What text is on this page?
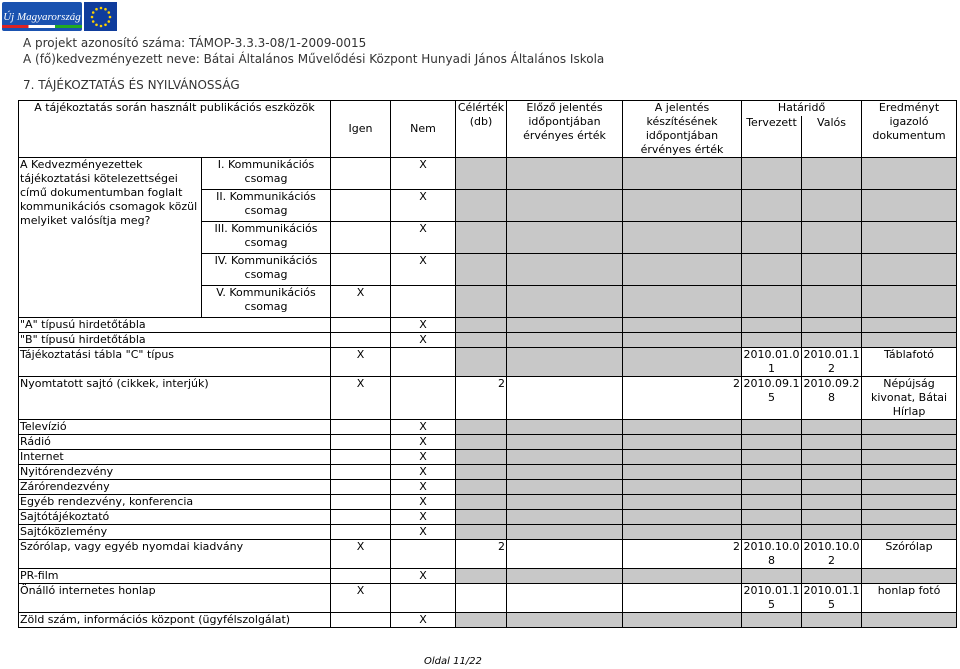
Új Magyarország
A projekt azonosító száma: TÁMOP-3.3.3-08/1-2009-0015
A (fő)kedvezményezett neve: Bátai Általános Művelődési Központ Hunyadi János Általános Iskola
7. TÁJÉKOZTATÁS ÉS NYILVÁNOSSÁG
A tájékoztatás során használt publikációs eszközök		Igen	Nem	Célérték (db)	Előző jelentés időpontjában érvényes érték	A jelentés készítésének időpontjában érvényes érték	Határidő		Eredményt igazoló dokumentum
							Tervezett	Valós	
A Kedvezményezettek tájékoztatási kötelezettségei című dokumentumban foglalt kommunikációs csomagok közül melyiket valósítja meg?	I. Kommunikációs csomag		X						
	II. Kommunikációs csomag		X						
	III. Kommunikációs csomag		X						
	IV. Kommunikációs csomag		X						
	V. Kommunikációs csomag	X							
"A" típusú hirdetőtábla			X						
"B" típusú hirdetőtábla			X						
Tájékoztatási tábla "C" típus		X					2010.01.01	2010.01.12	Táblafotó
Nyomtatott sajtó (cikkek, interjúk)		X		2		2	2010.09.15	2010.09.28	Népújság kivonat, Bátai Hírlap
Televízió			X						
Rádió			X						
Internet			X						
Nyitórendezvény			X						
Zárórendezvény			X						
Egyéb rendezvény, konferencia			X						
Sajtótájékoztató			X						
Sajtóközlemény			X						
Szórólap, vagy egyéb nyomdai kiadvány		X		2		2	2010.10.08	2010.10.02	Szórólap
PR-film			X						
Önálló internetes honlap		X					2010.01.15	2010.01.15	honlap fotó
Zöld szám, információs központ (ügyfélszolgálat)			X						
Oldal 11/22
